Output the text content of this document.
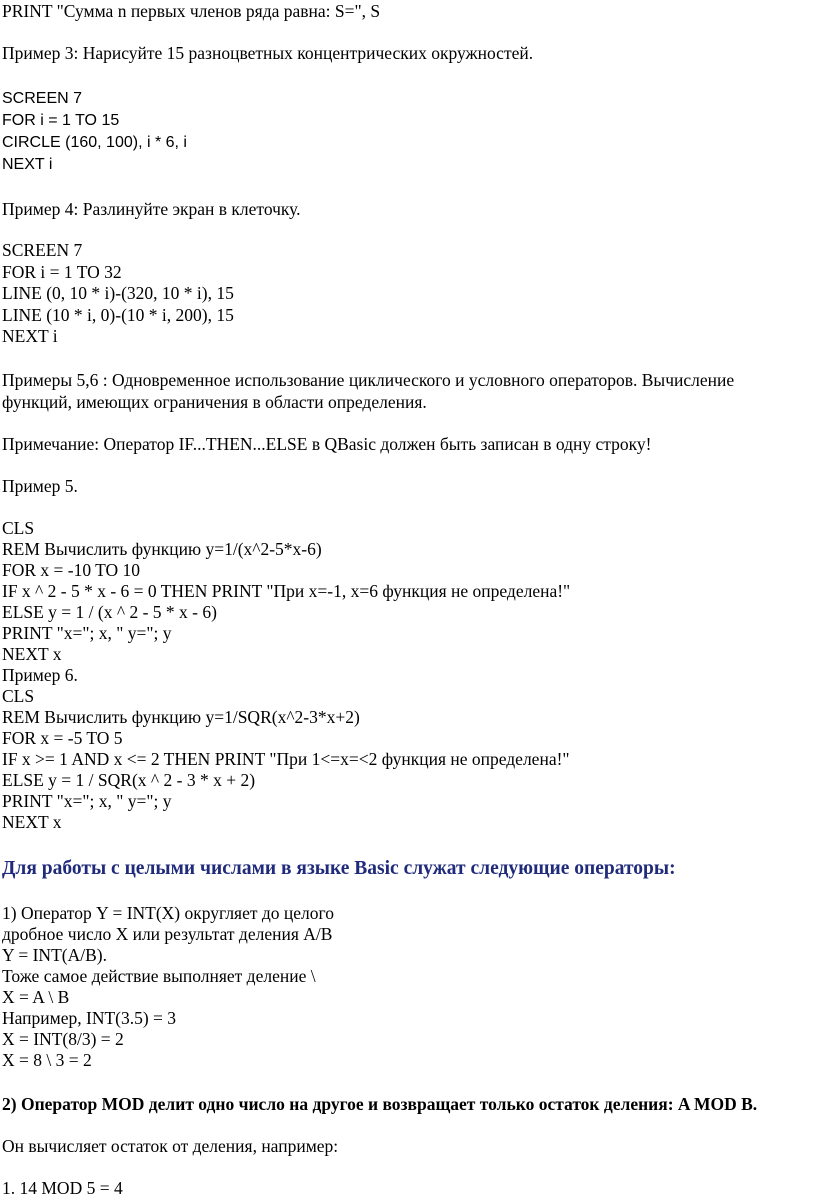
PRINT "Сумма n первых членов ряда равна: S=", S
Пример 3: Нарисуйте 15 разноцветных концентрических окружностей.
SCREEN 7
FOR i = 1 TO 15
CIRCLE (160, 100), i * 6, i
NEXT i
Пример 4: Разлинуйте экран в клеточку.
SCREEN 7
FOR i = 1 TO 32
LINE (0, 10 * i)-(320, 10 * i), 15
LINE (10 * i, 0)-(10 * i, 200), 15
NEXT i
Примеры 5,6 : Одновременное использование циклического и условного операторов. Вычисление
функций, имеющих ограничения в области определения.
Примечание: Оператор IF...THEN...ELSE в QBasic должен быть записан в одну строку!
Пример 5.
CLS
REM Вычислить функцию y=1/(x^2-5*x-6)
FOR x = -10 TO 10
IF x ^ 2 - 5 * x - 6 = 0 THEN PRINT "При x=-1, x=6 функция не определена!"
ELSE y = 1 / (x ^ 2 - 5 * x - 6)
PRINT "x="; x, " y="; y
NEXT x
Пример 6.
CLS
REM Вычислить функцию y=1/SQR(x^2-3*x+2)
FOR x = -5 TO 5
IF x >= 1 AND x <= 2 THEN PRINT "При 1<=x=<2 функция не определена!"
ELSE y = 1 / SQR(x ^ 2 - 3 * x + 2)
PRINT "x="; x, " y="; y
NEXT x
Для работы с целыми числами в языке Basic служат следующие операторы:
1) Оператор Y = INT(X) округляет до целого
дробное число X или результат деления A/B
Y = INT(A/B).
Тоже самое действие выполняет деление \
X = A \ B
Например, INT(3.5) = 3
X = INT(8/3) = 2
X = 8 \ 3 = 2
2) Оператор MOD делит одно число на другое и возвращает только остаток деления: A MOD B.
Он вычисляет остаток от деления, например:
1. 14 MOD 5 = 4
